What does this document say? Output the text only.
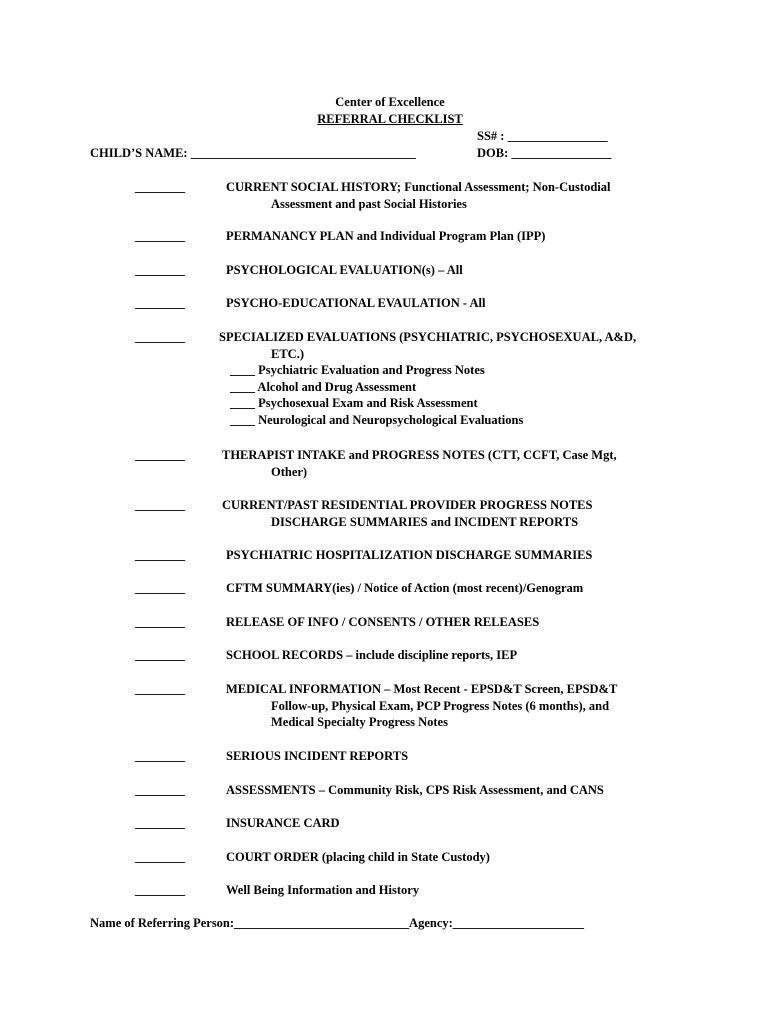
Center of Excellence
REFERRAL CHECKLIST
SS# : ________________
CHILD’S NAME: ____________________________________	DOB: ________________
________	CURRENT SOCIAL HISTORY; Functional Assessment; Non-Custodial
Assessment and past Social Histories
________	PERMANANCY PLAN and Individual Program Plan (IPP)
________	PSYCHOLOGICAL EVALUATION(s) – All
________	PSYCHO-EDUCATIONAL EVAULATION - All
________	SPECIALIZED EVALUATIONS (PSYCHIATRIC, PSYCHOSEXUAL, A&D,
ETC.)
____ Psychiatric Evaluation and Progress Notes
____ Alcohol and Drug Assessment
____ Psychosexual Exam and Risk Assessment
____ Neurological and Neuropsychological Evaluations
________	THERAPIST INTAKE and PROGRESS NOTES (CTT, CCFT, Case Mgt,
Other)
________	CURRENT/PAST RESIDENTIAL PROVIDER PROGRESS NOTES
DISCHARGE SUMMARIES and INCIDENT REPORTS
________	PSYCHIATRIC HOSPITALIZATION DISCHARGE SUMMARIES
________	CFTM SUMMARY(ies) / Notice of Action (most recent)/Genogram
________	RELEASE OF INFO / CONSENTS / OTHER RELEASES
________	SCHOOL RECORDS – include discipline reports, IEP
________	MEDICAL INFORMATION – Most Recent - EPSD&T Screen, EPSD&T
Follow-up, Physical Exam, PCP Progress Notes (6 months), and
Medical Specialty Progress Notes
________	SERIOUS INCIDENT REPORTS
________	ASSESSMENTS – Community Risk, CPS Risk Assessment, and CANS
________	INSURANCE CARD
________	COURT ORDER (placing child in State Custody)
________	Well Being Information and History
Name of Referring Person:____________________________Agency:_____________________
